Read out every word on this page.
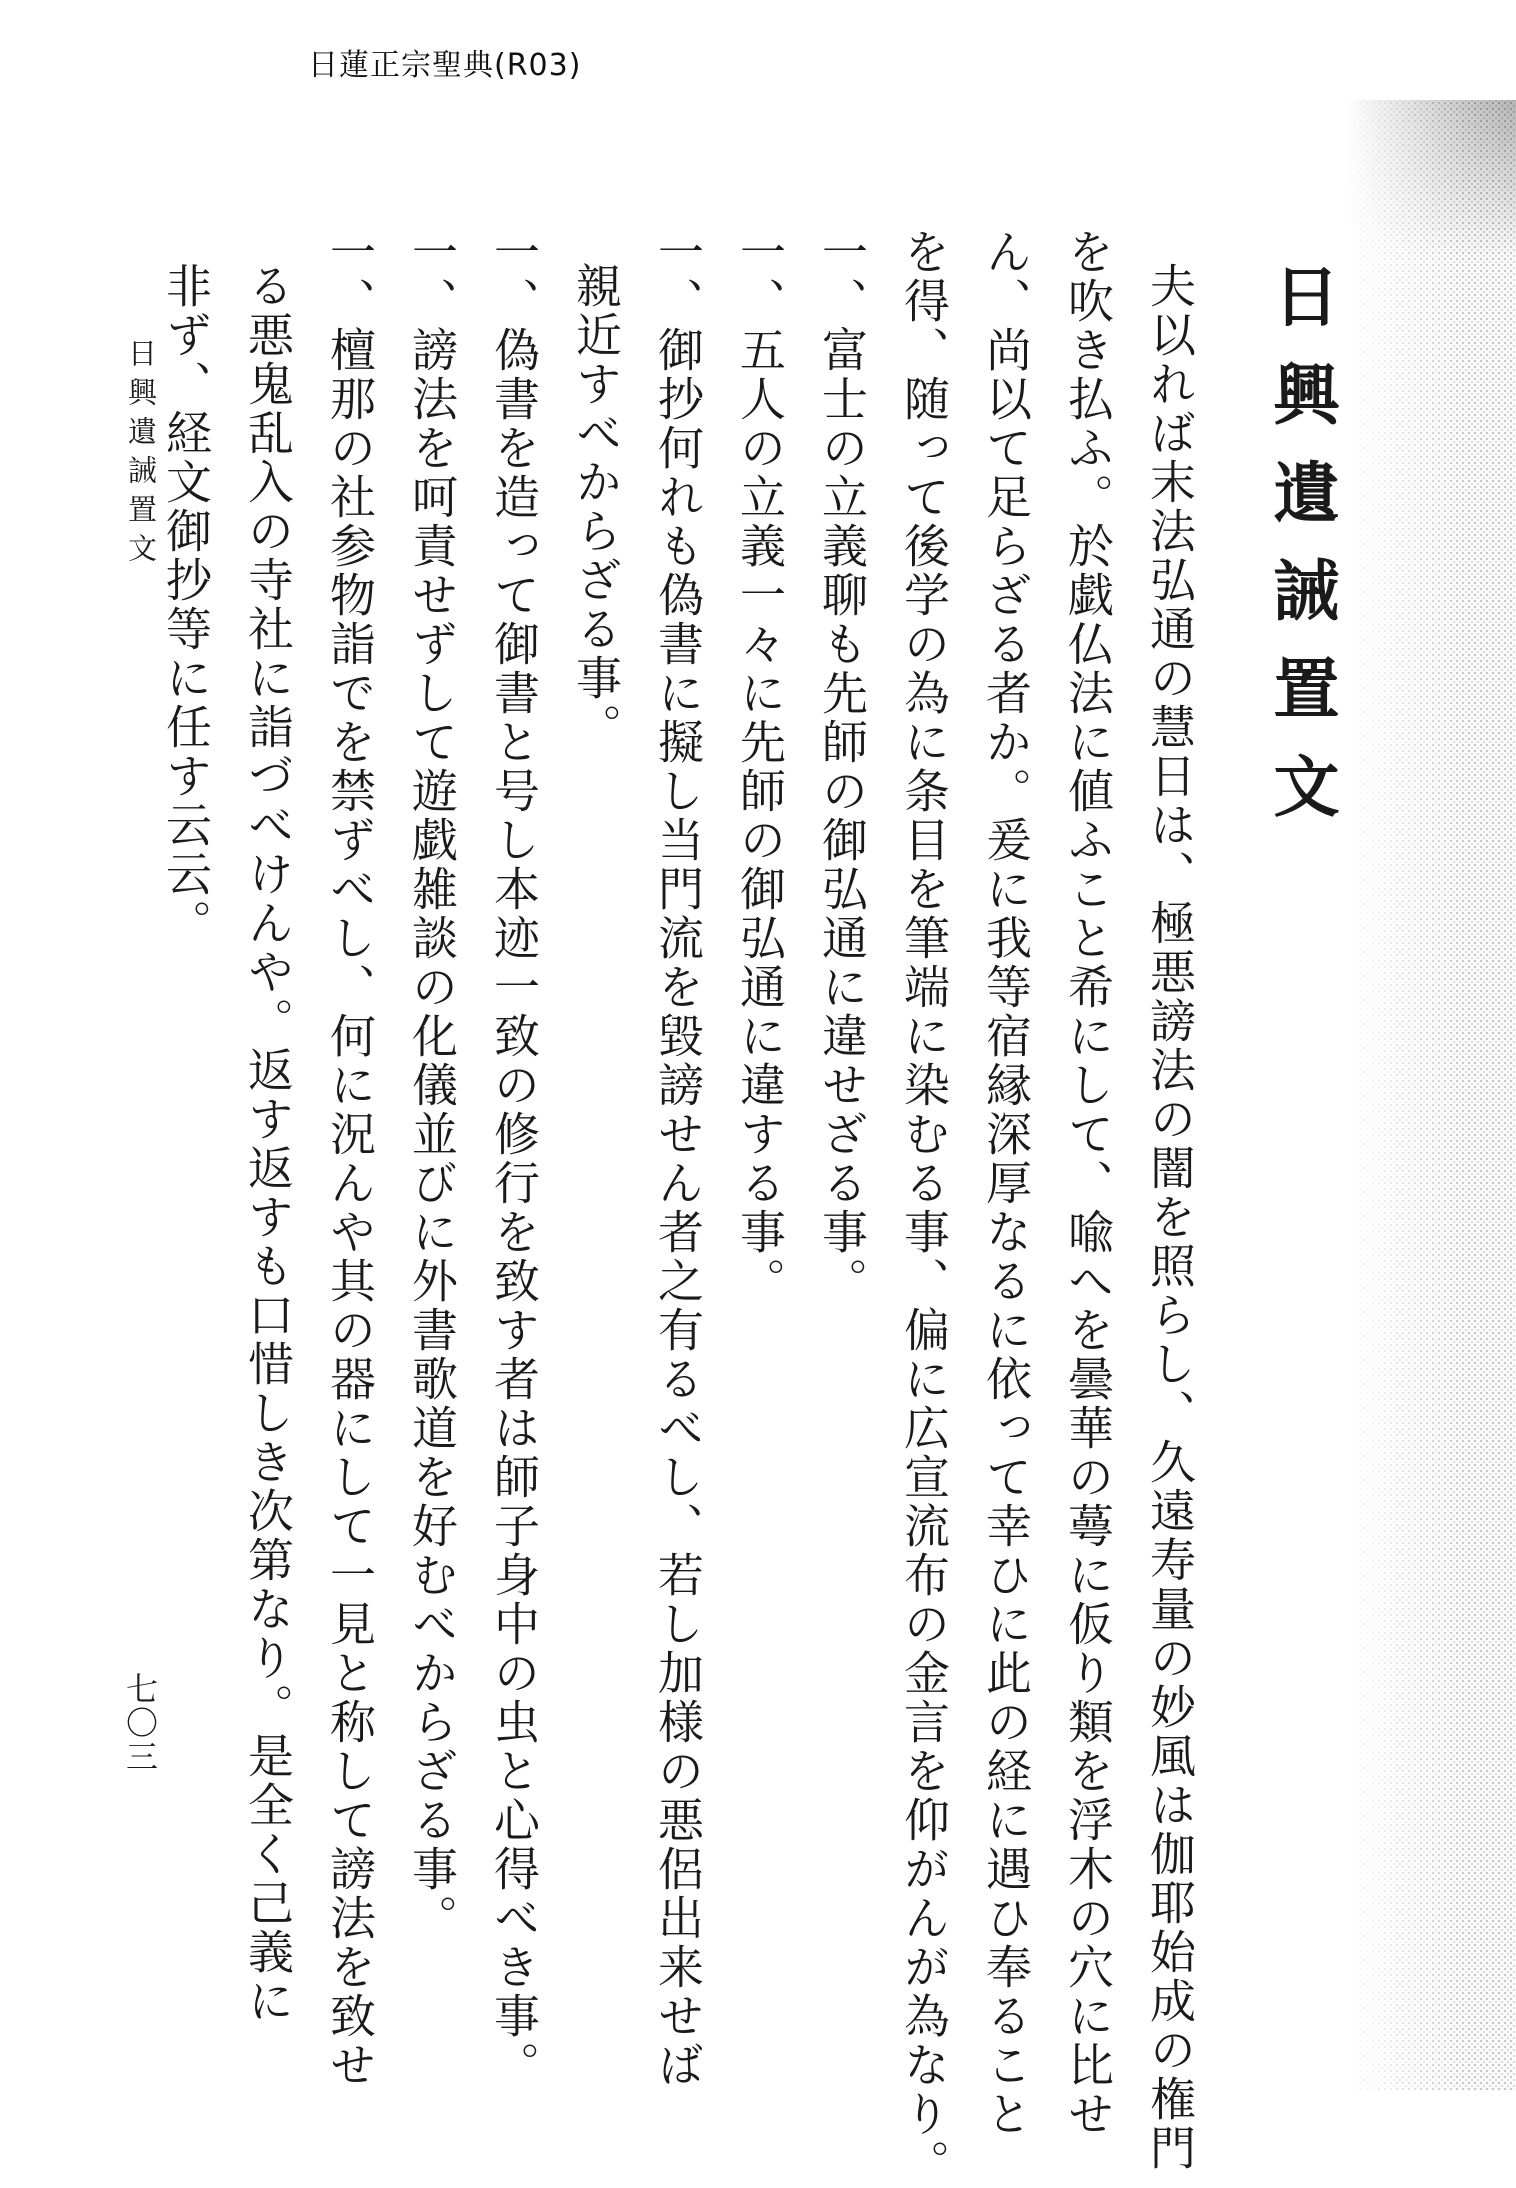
日蓮正宗聖典(R03)
日興遺誡置文
夫以れば末法弘通の慧日は、極悪謗法の闇を照らし、久遠寿量の妙風は伽耶始成の権門
を吹き払ふ。於戯仏法に値ふこと希にして、喩へを曇華の蕚に仮り類を浮木の穴に比せ
ん、尚以て足らざる者か。爰に我等宿縁深厚なるに依って幸ひに此の経に遇ひ奉ること
を得、随って後学の為に条目を筆端に染むる事、偏に広宣流布の金言を仰がんが為なり。
一、富士の立義聊も先師の御弘通に違せざる事。
一、五人の立義一々に先師の御弘通に違する事。
一、御抄何れも偽書に擬し当門流を毀謗せん者之有るべし、若し加様の悪侶出来せば
親近すべからざる事。
一、偽書を造って御書と号し本迹一致の修行を致す者は師子身中の虫と心得べき事。
一、謗法を呵責せずして遊戯雑談の化儀並びに外書歌道を好むべからざる事。
一、檀那の社参物詣でを禁ずべし、何に況んや其の器にして一見と称して謗法を致せ
る悪鬼乱入の寺社に詣づべけんや。返す返すも口惜しき次第なり。是全く己義に
非ず、経文御抄等に任す云云。
日興遺誡置文
七〇三
